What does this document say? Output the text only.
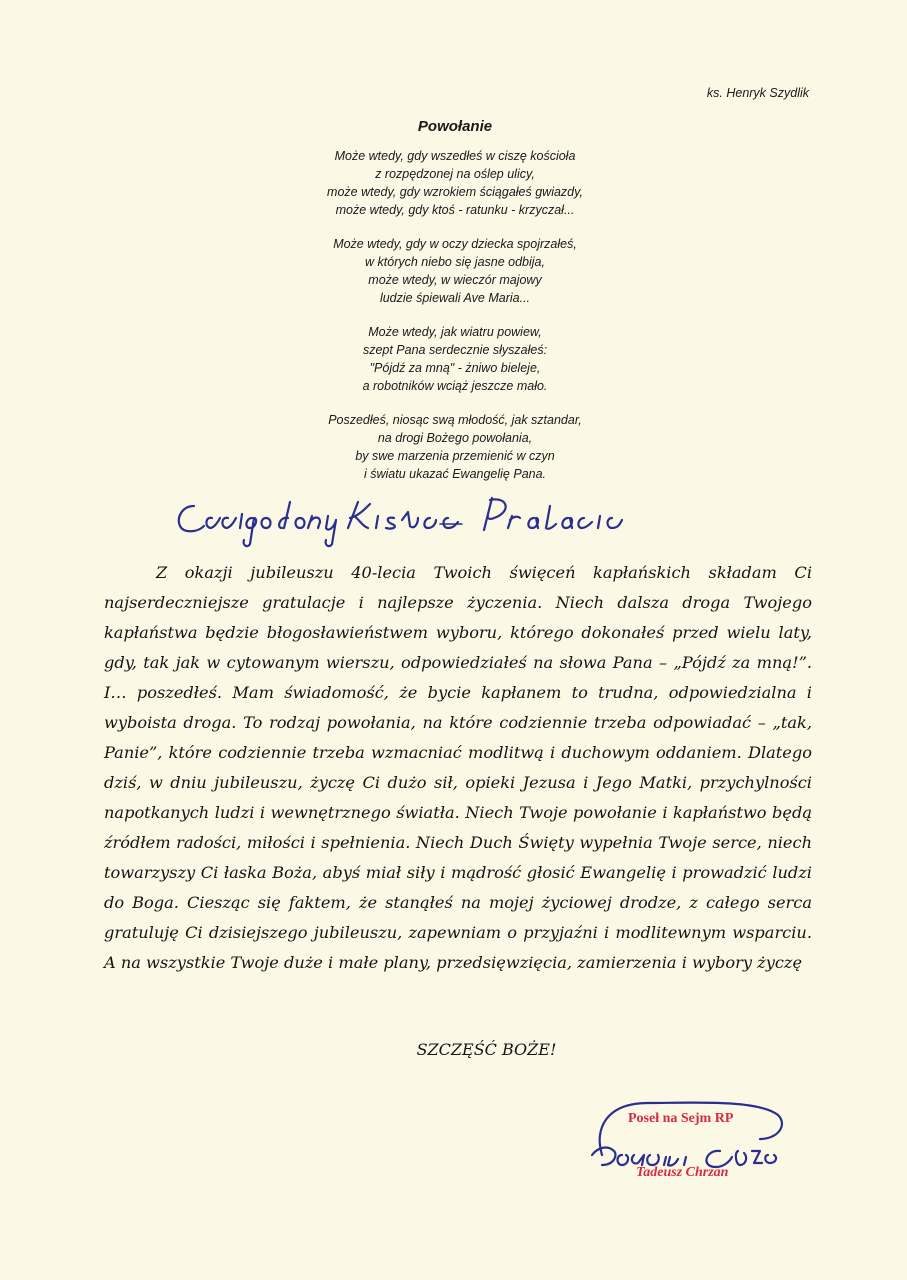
ks. Henryk Szydlik
Powołanie
Może wtedy, gdy wszedłeś w ciszę kościoła
z rozpędzonej na oślep ulicy,
może wtedy, gdy wzrokiem ściągałeś gwiazdy,
może wtedy, gdy ktoś - ratunku - krzyczał...
Może wtedy, gdy w oczy dziecka spojrzałeś,
w których niebo się jasne odbija,
może wtedy, w wieczór majowy
ludzie śpiewali Ave Maria...
Może wtedy, jak wiatru powiew,
szept Pana serdecznie słyszałeś:
"Pójdź za mną" - żniwo bieleje,
a robotników wciąż jeszcze mało.
Poszedłeś, niosąc swą młodość, jak sztandar,
na drogi Bożego powołania,
by swe marzenia przemienić w czyn
i światu ukazać Ewangelię Pana.
Z okazji jubileuszu 40-lecia Twoich święceń kapłańskich składam Ci najserdeczniejsze gratulacje i najlepsze życzenia. Niech dalsza droga Twojego kapłaństwa będzie błogosławieństwem wyboru, którego dokonałeś przed wielu laty, gdy, tak jak w cytowanym wierszu, odpowiedziałeś na słowa Pana – „Pójdź za mną!”. I… poszedłeś. Mam świadomość, że bycie kapłanem to trudna, odpowiedzialna i wyboista droga. To rodzaj powołania, na które codziennie trzeba odpowiadać – „tak, Panie”, które codziennie trzeba wzmacniać modlitwą i duchowym oddaniem. Dlatego dziś, w dniu jubileuszu, życzę Ci dużo sił, opieki Jezusa i Jego Matki, przychylności napotkanych ludzi i wewnętrznego światła. Niech Twoje powołanie i kapłaństwo będą źródłem radości, miłości i spełnienia. Niech Duch Święty wypełnia Twoje serce, niech towarzyszy Ci łaska Boża, abyś miał siły i mądrość głosić Ewangelię i prowadzić ludzi do Boga. Ciesząc się faktem, że stanąłeś na mojej życiowej drodze, z całego serca gratuluję Ci dzisiejszego jubileuszu, zapewniam o przyjaźni i modlitewnym wsparciu. A na wszystkie Twoje duże i małe plany, przedsięwzięcia, zamierzenia i wybory życzę
SZCZĘŚĆ BOŻE!
Poseł na Sejm RP
Tadeusz Chrzan
